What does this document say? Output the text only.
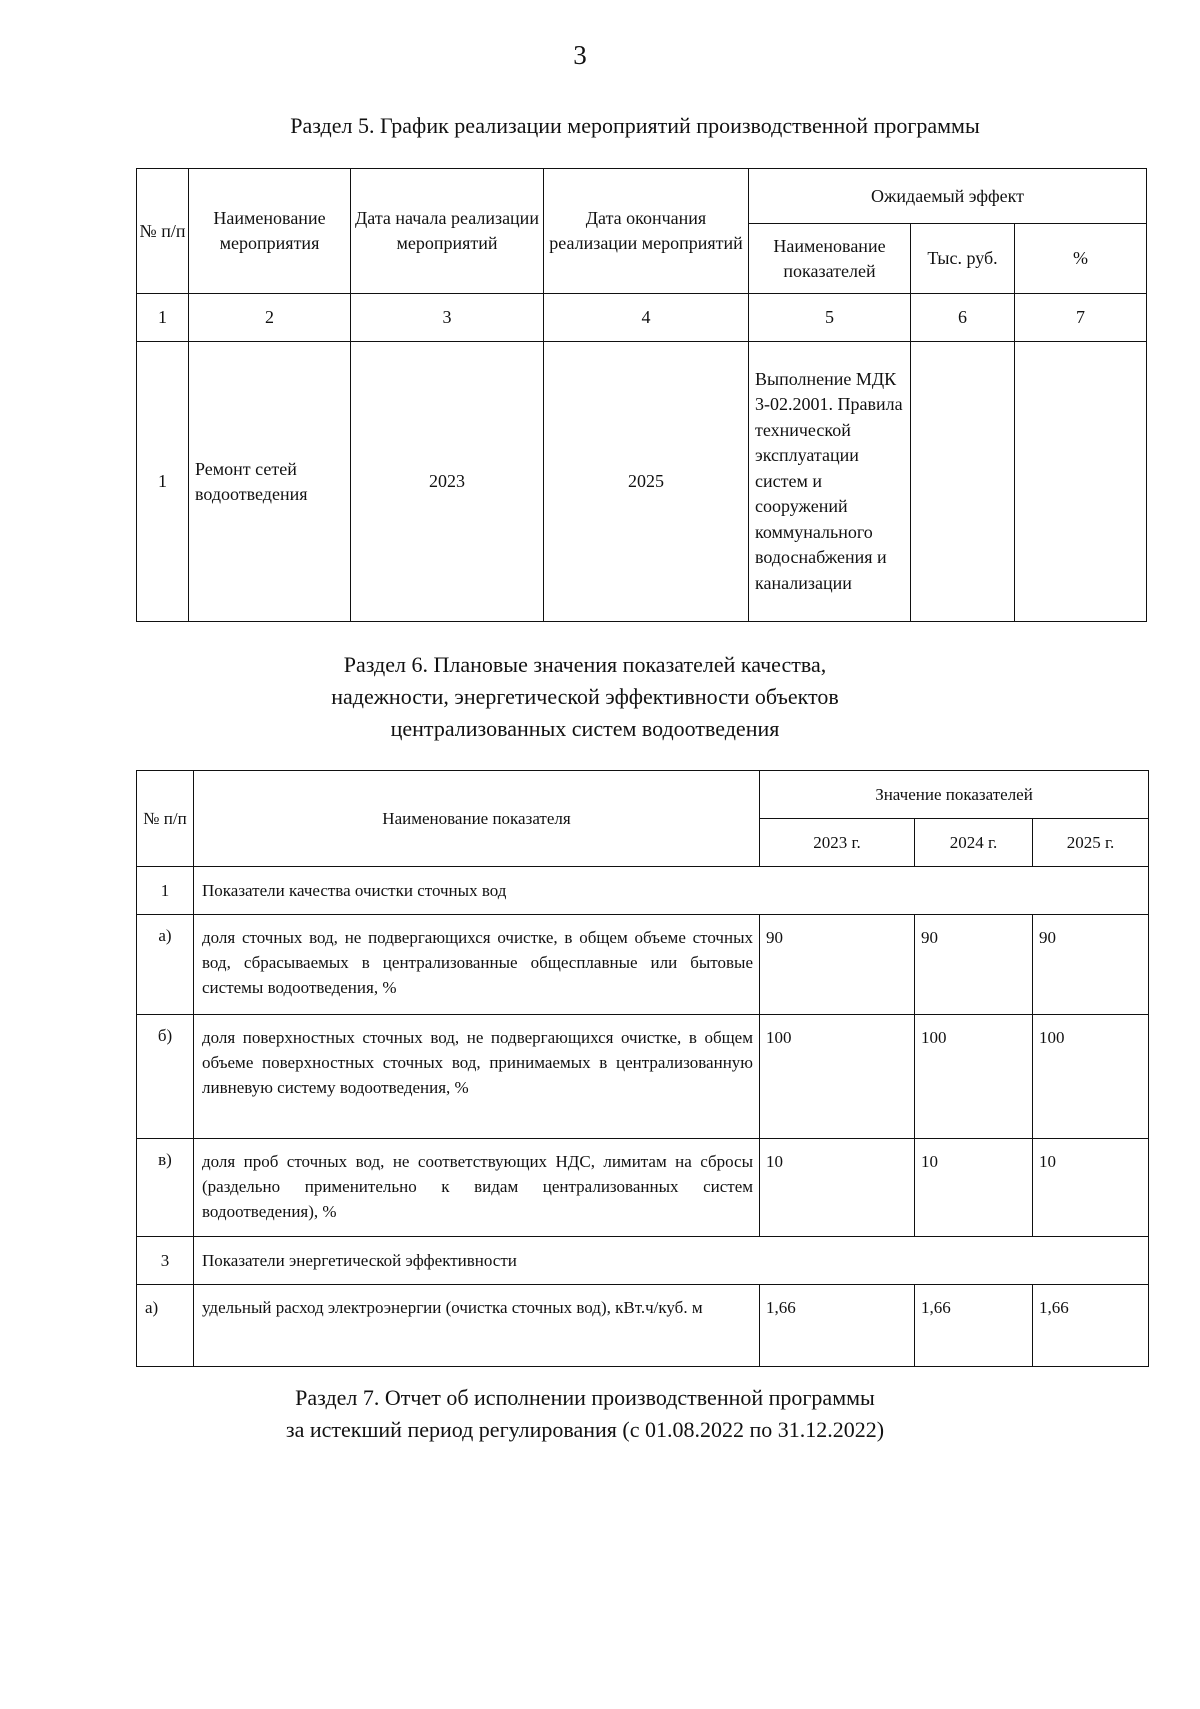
3
Раздел 5. График реализации мероприятий производственной программы
№ п/п	Наименование мероприятия	Дата начала реализации мероприятий	Дата окончания реализации мероприятий	Ожидаемый эффект		
				Наименование показателей	Тыс. руб.	%
1	2	3	4	5	6	7
1	Ремонт сетей водоотведения	2023	2025	Выполнение МДК 3-02.2001. Правила технической эксплуатации систем и сооружений коммунального водоснабжения и канализации		
Раздел 6. Плановые значения показателей качества,
надежности, энергетической эффективности объектов
централизованных систем водоотведения
№ п/п	Наименование показателя	Значение показателей		
		2023 г.	2024 г.	2025 г.
1	Показатели качества очистки сточных вод			
а)	доля сточных вод, не подвергающихся очистке, в общем объеме сточных вод, сбрасываемых в централизованные общесплавные или бытовые системы водоотведения, %	90	90	90
б)	доля поверхностных сточных вод, не подвергающихся очистке, в общем объеме поверхностных сточных вод, принимаемых в централизованную ливневую систему водоотведения, %	100	100	100
в)	доля проб сточных вод, не соответствующих НДС, лимитам на сбросы (раздельно применительно к видам централизованных систем водоотведения), %	10	10	10
3	Показатели энергетической эффективности			
а)	удельный расход электроэнергии (очистка сточных вод), кВт.ч/куб. м	1,66	1,66	1,66
Раздел 7. Отчет об исполнении производственной программы
за истекший период регулирования (с 01.08.2022 по 31.12.2022)
